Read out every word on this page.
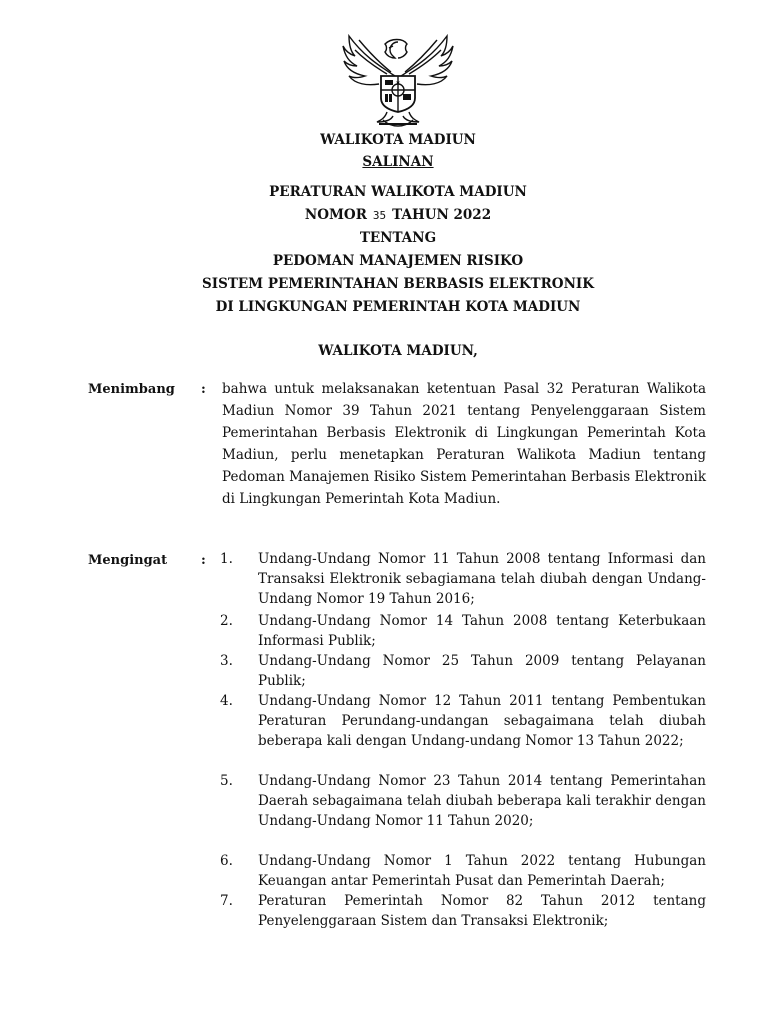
WALIKOTA MADIUN
SALINAN
PERATURAN WALIKOTA MADIUN
NOMOR 35 TAHUN 2022
TENTANG
PEDOMAN MANAJEMEN RISIKO
SISTEM PEMERINTAHAN BERBASIS ELEKTRONIK
DI LINGKUNGAN PEMERINTAH KOTA MADIUN
WALIKOTA MADIUN,
Menimbang : bahwa untuk melaksanakan ketentuan Pasal 32 Peraturan Walikota Madiun Nomor 39 Tahun 2021 tentang Penyelenggaraan Sistem Pemerintahan Berbasis Elektronik di Lingkungan Pemerintah Kota Madiun, perlu menetapkan Peraturan Walikota Madiun tentang Pedoman Manajemen Risiko Sistem Pemerintahan Berbasis Elektronik di Lingkungan Pemerintah Kota Madiun.
Mengingat	: 1. Undang-Undang Nomor 11 Tahun 2008 tentang Informasi dan Transaksi Elektronik sebagiamana telah diubah dengan Undang- Undang Nomor 19 Tahun 2016;
2. Undang-Undang Nomor 14 Tahun 2008 tentang Keterbukaan Informasi Publik;
3. Undang-Undang Nomor 25 Tahun 2009 tentang Pelayanan Publik;
4. Undang-Undang Nomor 12 Tahun 2011 tentang Pembentukan Peraturan Perundang-undangan sebagaimana telah diubah beberapa kali dengan Undang-undang Nomor 13 Tahun 2022;
5. Undang-Undang Nomor 23 Tahun 2014 tentang Pemerintahan Daerah sebagaimana telah diubah beberapa kali terakhir dengan Undang-Undang Nomor 11 Tahun 2020;
6. Undang-Undang Nomor 1 Tahun 2022 tentang Hubungan Keuangan antar Pemerintah Pusat dan Pemerintah Daerah;
7. Peraturan Pemerintah Nomor 82 Tahun 2012 tentang Penyelenggaraan Sistem dan Transaksi Elektronik;
